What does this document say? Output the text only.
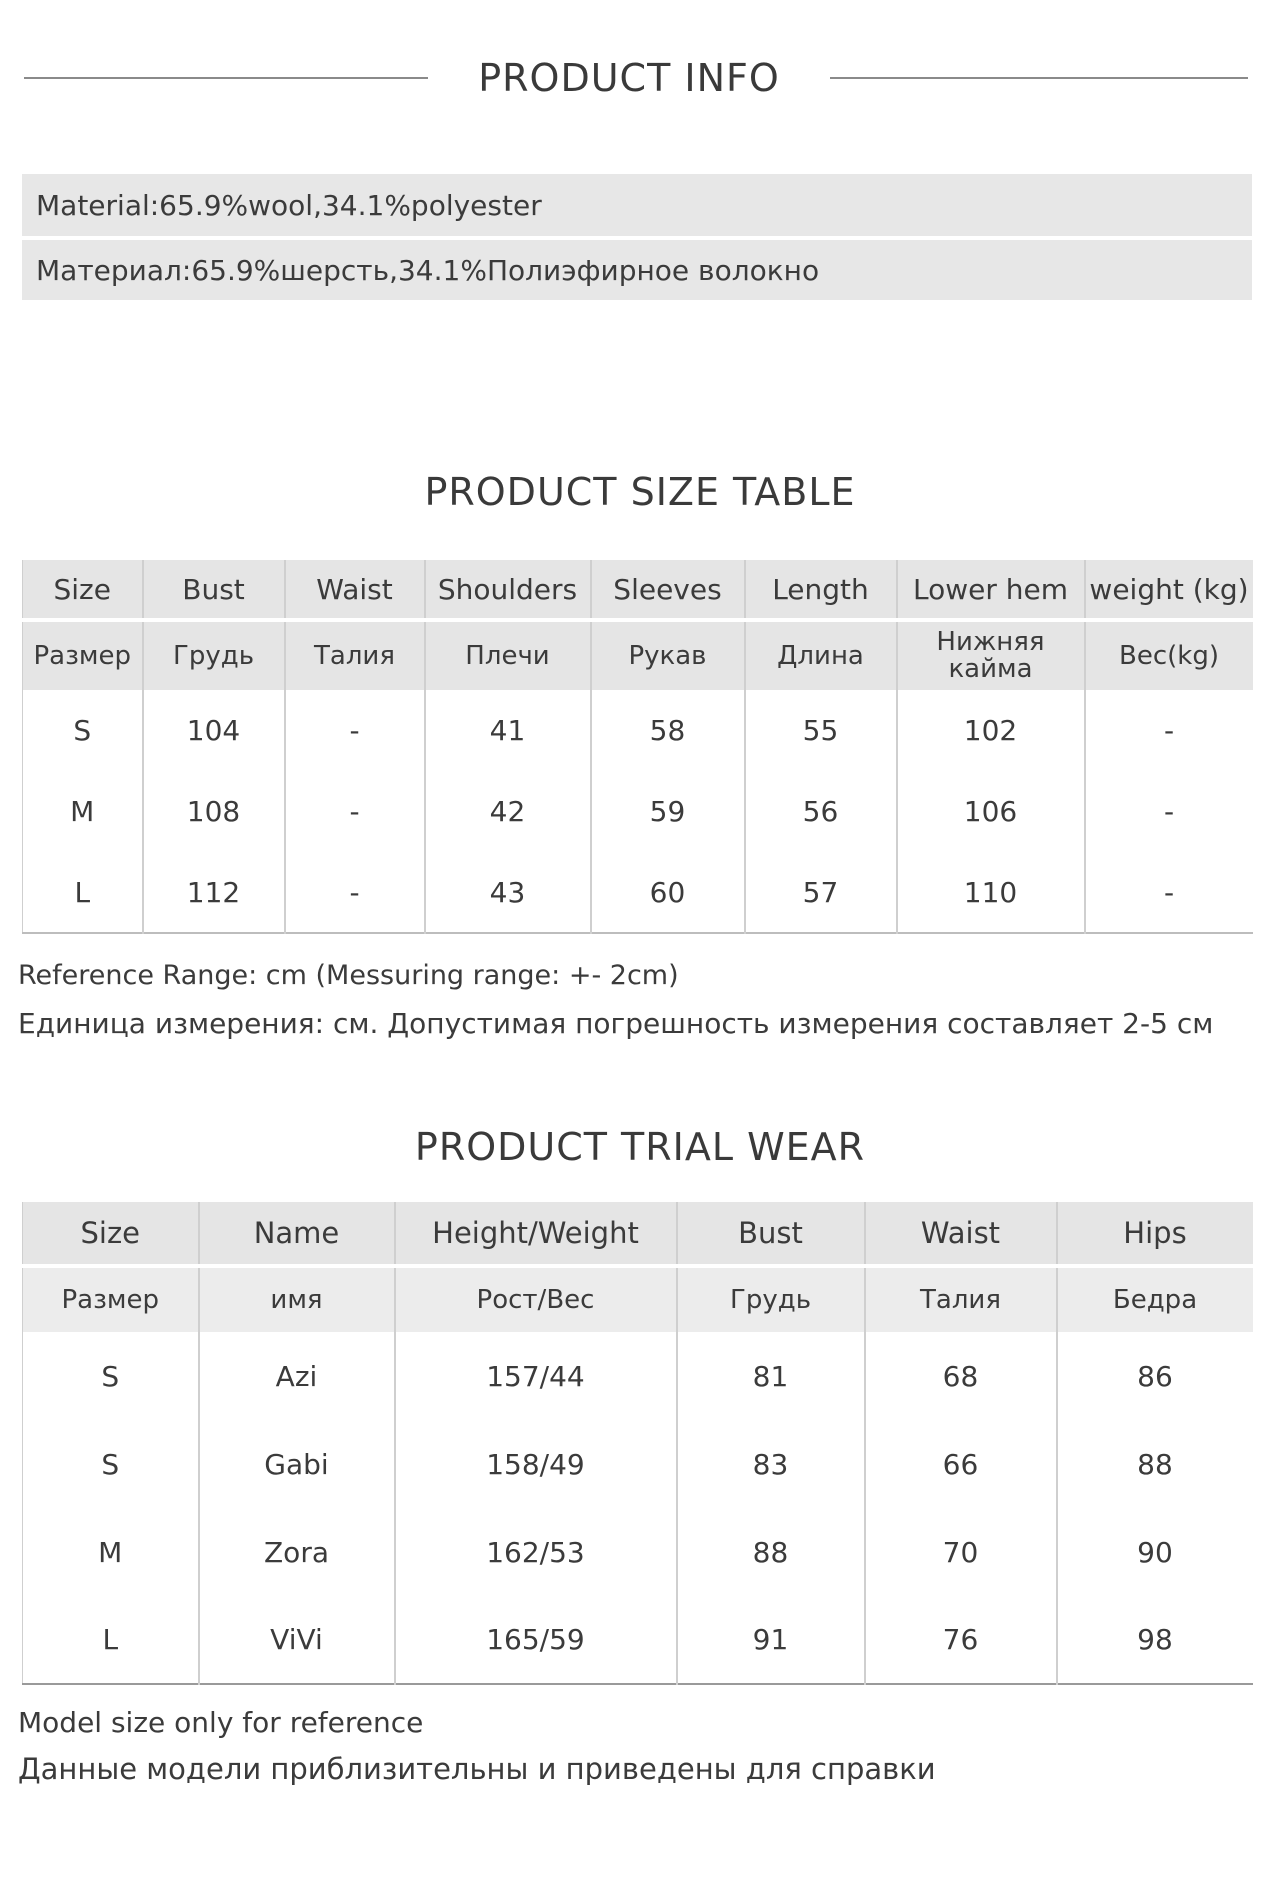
PRODUCT INFO
Material:65.9%wool,34.1%polyester
Материал:65.9%шерсть,34.1%Полиэфирное волокно
PRODUCT SIZE TABLE
Size	Bust	Waist	Shoulders	Sleeves	Length	Lower hem	weight (kg)
Размер	Грудь	Талия	Плечи	Рукав	Длина	Нижняя кайма	Вес(kg)
S	104	-	41	58	55	102	-
M	108	-	42	59	56	106	-
L	112	-	43	60	57	110	-
Reference Range: cm (Messuring range: +- 2cm)
Единица измерения: см. Допустимая погрешность измерения составляет 2-5 см
PRODUCT TRIAL WEAR
Size	Name	Height/Weight	Bust	Waist	Hips
Размер	имя	Рост/Вес	Грудь	Талия	Бедра
S	Azi	157/44	81	68	86
S	Gabi	158/49	83	66	88
M	Zora	162/53	88	70	90
L	ViVi	165/59	91	76	98
Model size only for reference
Данные модели приблизительны и приведены для справки
